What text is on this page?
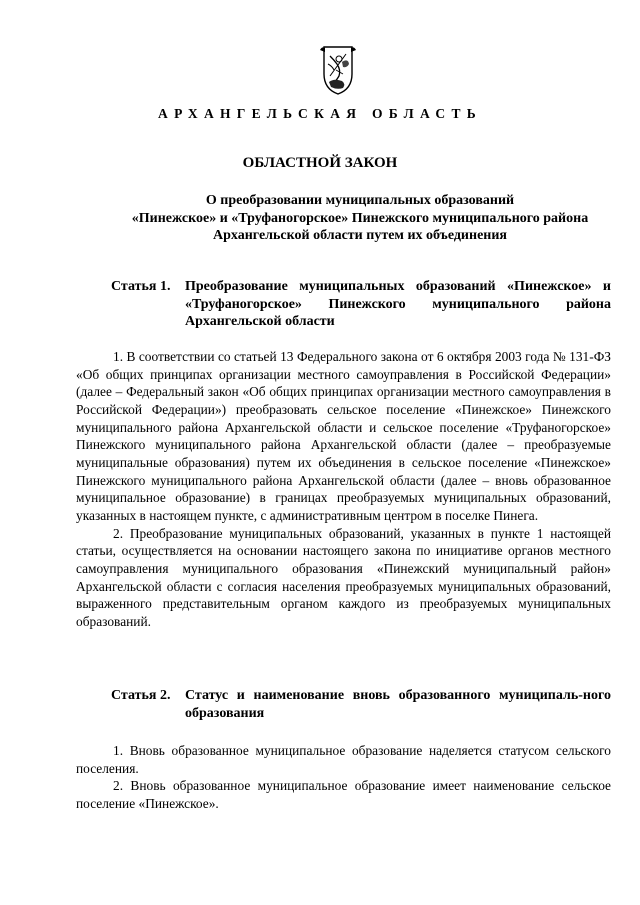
АРХАНГЕЛЬСКАЯ ОБЛАСТЬ
ОБЛАСТНОЙ ЗАКОН
О преобразовании муниципальных образований
«Пинежское» и «Труфаногорское» Пинежского муниципального района
Архангельской области путем их объединения
Статья 1. Преобразование муниципальных образований «Пинежское» и «Труфаногорское» Пинежского муниципального района Архангельской области

1. В соответствии со статьей 13 Федерального закона от 6 октября 2003 года № 131-ФЗ «Об общих принципах организации местного самоуправления в Российской Федерации» (далее – Федеральный закон «Об общих принципах организации местного самоуправления в Российской Федерации») преобразовать сельское поселение «Пинежское» Пинежского муниципального района Архангельской области и сельское поселение «Труфаногорское» Пинежского муниципального района Архангельской области (далее – преобразуемые муниципальные образования) путем их объединения в сельское поселение «Пинежское» Пинежского муниципального района Архангельской области (далее – вновь образованное муниципальное образование) в границах преобразуемых муниципальных образований, указанных в настоящем пункте, с административным центром в поселке Пинега.

2. Преобразование муниципальных образований, указанных в пункте 1 настоящей статьи, осуществляется на основании настоящего закона по инициативе органов местного самоуправления муниципального образования «Пинежский муниципальный район» Архангельской области с согласия населения преобразуемых муниципальных образований, выраженного представительным органом каждого из преобразуемых муниципальных образований.

Статья 2. Статус и наименование вновь образованного муниципаль-ного образования

1. Вновь образованное муниципальное образование наделяется статусом сельского поселения.

2. Вновь образованное муниципальное образование имеет наименование сельское поселение «Пинежское».
